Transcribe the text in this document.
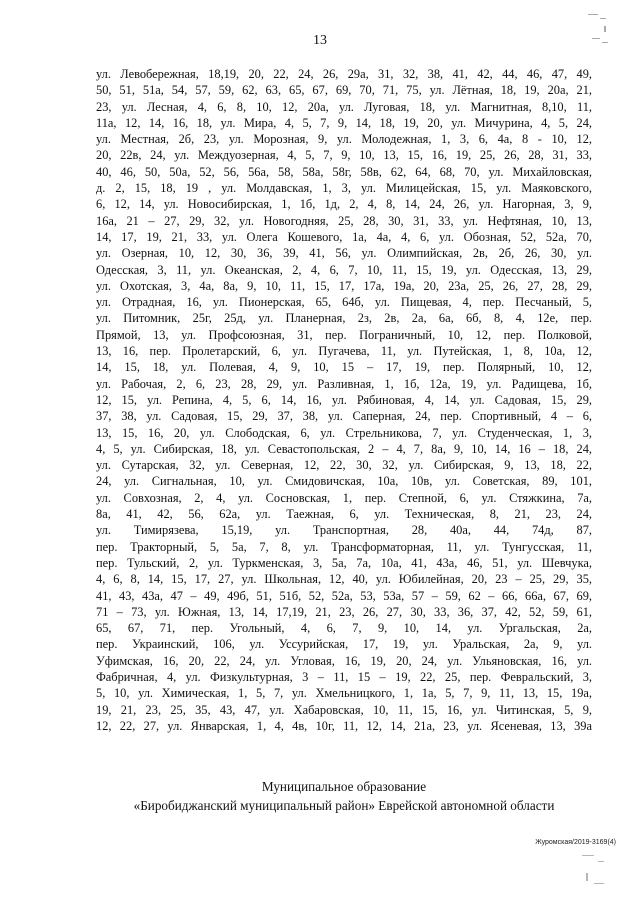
13
ул. Левобережная, 18,19, 20, 22, 24, 26, 29а, 31, 32, 38, 41, 42, 44, 46, 47, 49,
50, 51, 51а, 54, 57, 59, 62, 63, 65, 67, 69, 70, 71, 75, ул. Лётная, 18, 19, 20а, 21,
23, ул. Лесная, 4, 6, 8, 10, 12, 20а, ул. Луговая, 18, ул. Магнитная, 8,10, 11,
11а, 12, 14, 16, 18, ул. Мира, 4, 5, 7, 9, 14, 18, 19, 20, ул. Мичурина, 4, 5, 24,
ул. Местная, 2б, 23, ул. Морозная, 9, ул. Молодежная, 1, 3, 6, 4а, 8 - 10, 12,
20, 22в, 24, ул. Междуозерная, 4, 5, 7, 9, 10, 13, 15, 16, 19, 25, 26, 28, 31, 33,
40, 46, 50, 50а, 52, 56, 56а, 58, 58а, 58г, 58в, 62, 64, 68, 70, ул. Михайловская,
д. 2, 15, 18, 19 , ул. Молдавская, 1, 3, ул. Милицейская, 15, ул. Маяковского,
6, 12, 14, ул. Новосибирская, 1, 1б, 1д, 2, 4, 8, 14, 24, 26, ул. Нагорная, 3, 9,
16а, 21 – 27, 29, 32, ул. Новогодняя, 25, 28, 30, 31, 33, ул. Нефтяная, 10, 13,
14, 17, 19, 21, 33, ул. Олега Кошевого, 1а, 4а, 4, 6, ул. Обозная, 52, 52а, 70,
ул. Озерная, 10, 12, 30, 36, 39, 41, 56, ул. Олимпийская, 2в, 2б, 26, 30, ул.
Одесская, 3, 11, ул. Океанская, 2, 4, 6, 7, 10, 11, 15, 19, ул. Одесская, 13, 29,
ул. Охотская, 3, 4а, 8а, 9, 10, 11, 15, 17, 17а, 19а, 20, 23а, 25, 26, 27, 28, 29,
ул. Отрадная, 16, ул. Пионерская, 65, 64б, ул. Пищевая, 4, пер. Песчаный, 5,
ул. Питомник, 25г, 25д, ул. Планерная, 2з, 2в, 2а, 6а, 6б, 8, 4, 12е, пер.
Прямой, 13, ул. Профсоюзная, 31, пер. Пограничный, 10, 12, пер. Полковой,
13, 16, пер. Пролетарский, 6, ул. Пугачева, 11, ул. Путейская, 1, 8, 10а, 12,
14, 15, 18, ул. Полевая, 4, 9, 10, 15 – 17, 19, пер. Полярный, 10, 12,
ул. Рабочая, 2, 6, 23, 28, 29, ул. Разливная, 1, 1б, 12а, 19, ул. Радищева, 1б,
12, 15, ул. Репина, 4, 5, 6, 14, 16, ул. Рябиновая, 4, 14, ул. Садовая, 15, 29,
37, 38, ул. Садовая, 15, 29, 37, 38, ул. Саперная, 24, пер. Спортивный, 4 – 6,
13, 15, 16, 20, ул. Слободская, 6, ул. Стрельникова, 7, ул. Студенческая, 1, 3,
4, 5, ул. Сибирская, 18, ул. Севастопольская, 2 – 4, 7, 8а, 9, 10, 14, 16 – 18, 24,
ул. Сутарская, 32, ул. Северная, 12, 22, 30, 32, ул. Сибирская, 9, 13, 18, 22,
24, ул. Сигнальная, 10, ул. Смидовичская, 10а, 10в, ул. Советская, 89, 101,
ул. Совхозная, 2, 4, ул. Сосновская, 1, пер. Степной, 6, ул. Стяжкина, 7а,
8а, 41, 42, 56, 62а, ул. Таежная, 6, ул. Техническая, 8, 21, 23, 24,
ул. Тимирязева, 15,19, ул. Транспортная, 28, 40а, 44, 74д, 87,
пер. Тракторный, 5, 5а, 7, 8, ул. Трансформаторная, 11, ул. Тунгусская, 11,
пер. Тульский, 2, ул. Туркменская, 3, 5а, 7а, 10а, 41, 43а, 46, 51, ул. Шевчука,
4, 6, 8, 14, 15, 17, 27, ул. Школьная, 12, 40, ул. Юбилейная, 20, 23 – 25, 29, 35,
41, 43, 43а, 47 – 49, 49б, 51, 51б, 52, 52а, 53, 53а, 57 – 59, 62 – 66, 66а, 67, 69,
71 – 73, ул. Южная, 13, 14, 17,19, 21, 23, 26, 27, 30, 33, 36, 37, 42, 52, 59, 61,
65, 67, 71, пер. Угольный, 4, 6, 7, 9, 10, 14, ул. Ургальская, 2а,
пер. Украинский, 106, ул. Уссурийская, 17, 19, ул. Уральская, 2а, 9, ул.
Уфимская, 16, 20, 22, 24, ул. Угловая, 16, 19, 20, 24, ул. Ульяновская, 16, ул.
Фабричная, 4, ул. Физкультурная, 3 – 11, 15 – 19, 22, 25, пер. Февральский, 3,
5, 10, ул. Химическая, 1, 5, 7, ул. Хмельницкого, 1, 1а, 5, 7, 9, 11, 13, 15, 19а,
19, 21, 23, 25, 35, 43, 47, ул. Хабаровская, 10, 11, 15, 16, ул. Читинская, 5, 9,
12, 22, 27, ул. Январская, 1, 4, 4в, 10г, 11, 12, 14, 21а, 23, ул. Ясеневая, 13, 39а
Муниципальное образование
«Биробиджанский муниципальный район» Еврейской автономной области
Журомская/2019-3169(4)
